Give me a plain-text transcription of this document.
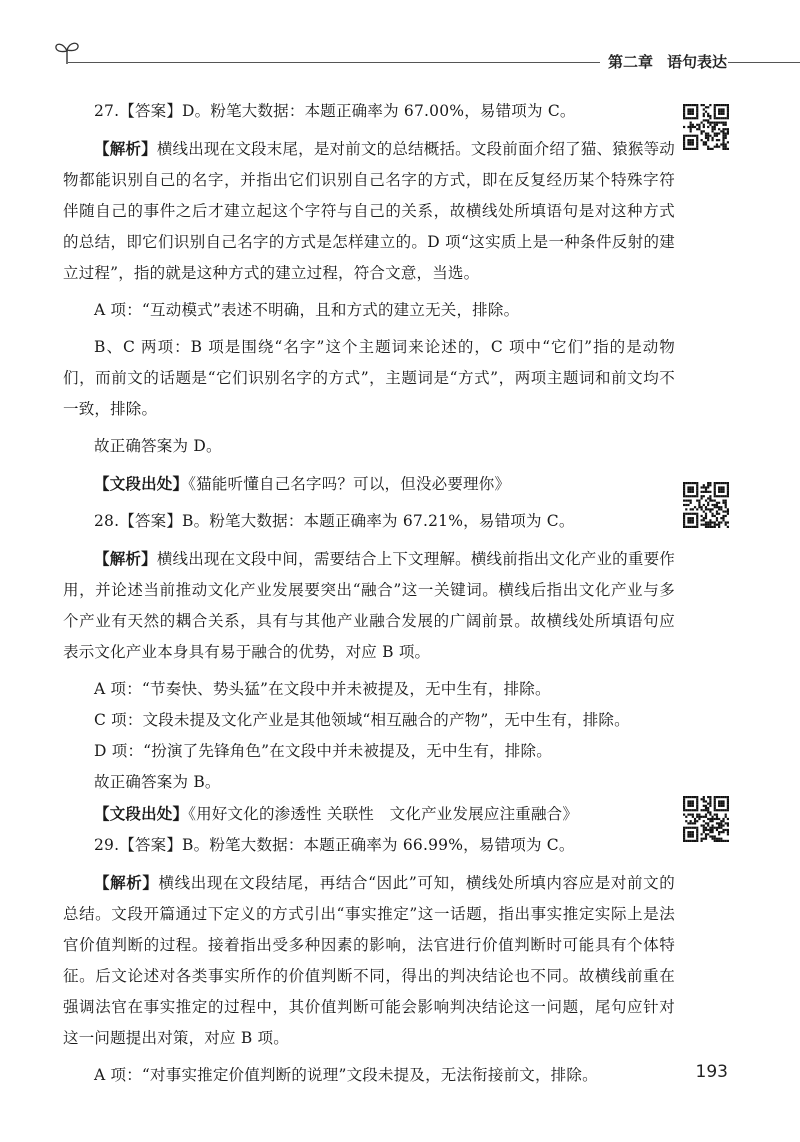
第二章 语句表达

27.【答案】D。粉笔大数据：本题正确率为 67.00%，易错项为 C。

【解析】横线出现在文段末尾，是对前文的总结概括。文段前面介绍了猫、猿猴等动物都能识别自己的名字，并指出它们识别自己名字的方式，即在反复经历某个特殊字符伴随自己的事件之后才建立起这个字符与自己的关系，故横线处所填语句是对这种方式的总结，即它们识别自己名字的方式是怎样建立的。D 项“这实质上是一种条件反射的建立过程”，指的就是这种方式的建立过程，符合文意，当选。

A 项：“互动模式”表述不明确，且和方式的建立无关，排除。

B、C 两项：B 项是围绕“名字”这个主题词来论述的，C 项中“它们”指的是动物们，而前文的话题是“它们识别名字的方式”，主题词是“方式”，两项主题词和前文均不一致，排除。

故正确答案为 D。

【文段出处】《猫能听懂自己名字吗？可以，但没必要理你》

28.【答案】B。粉笔大数据：本题正确率为 67.21%，易错项为 C。

【解析】横线出现在文段中间，需要结合上下文理解。横线前指出文化产业的重要作用，并论述当前推动文化产业发展要突出“融合”这一关键词。横线后指出文化产业与多个产业有天然的耦合关系，具有与其他产业融合发展的广阔前景。故横线处所填语句应表示文化产业本身具有易于融合的优势，对应 B 项。

A 项：“节奏快、势头猛”在文段中并未被提及，无中生有，排除。

C 项：文段未提及文化产业是其他领域“相互融合的产物”，无中生有，排除。

D 项：“扮演了先锋角色”在文段中并未被提及，无中生有，排除。

故正确答案为 B。

【文段出处】《用好文化的渗透性 关联性　文化产业发展应注重融合》

29.【答案】B。粉笔大数据：本题正确率为 66.99%，易错项为 C。

【解析】横线出现在文段结尾，再结合“因此”可知，横线处所填内容应是对前文的总结。文段开篇通过下定义的方式引出“事实推定”这一话题，指出事实推定实际上是法官价值判断的过程。接着指出受多种因素的影响，法官进行价值判断时可能具有个体特征。后文论述对各类事实所作的价值判断不同，得出的判决结论也不同。故横线前重在强调法官在事实推定的过程中，其价值判断可能会影响判决结论这一问题，尾句应针对这一问题提出对策，对应 B 项。

A 项：“对事实推定价值判断的说理”文段未提及，无法衔接前文，排除。	193
